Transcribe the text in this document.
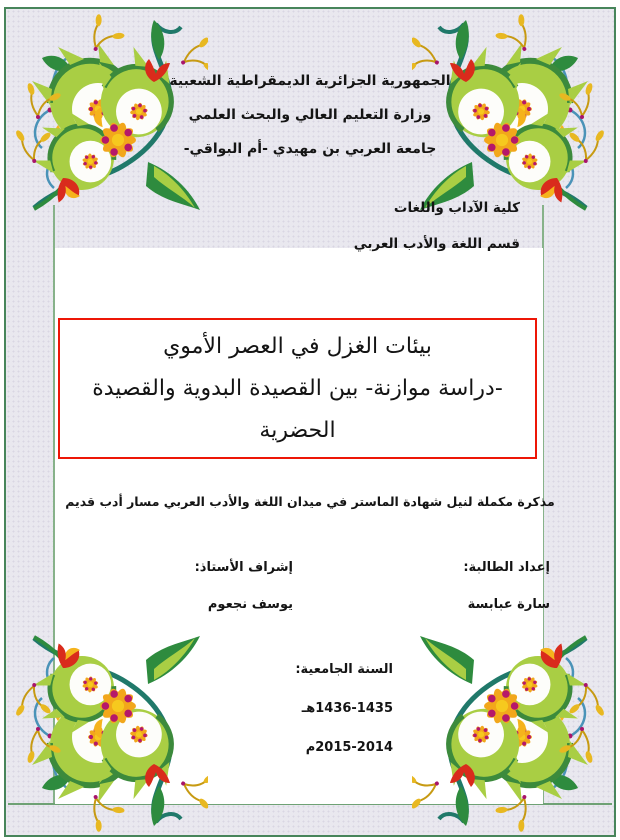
الجمهورية الجزائرية الديمقراطية الشعبية
وزارة التعليم العالي والبحث العلمي
جامعة العربي بن مهيدي -أم البواقي-
كلية الآداب واللغات
قسم اللغة والأدب العربي
بيئات الغزل في العصر الأموي
-دراسة موازنة- بين القصيدة البدوية والقصيدة الحضرية
مذكرة مكملة لنيل شهادة الماستر في ميدان اللغة والأدب العربي مسار أدب قديم
إعداد الطالبة:
سارة عبابسة
إشراف الأستاذ:
يوسف نجعوم
السنة الجامعية:
1436-1435هـ
2015-2014م
